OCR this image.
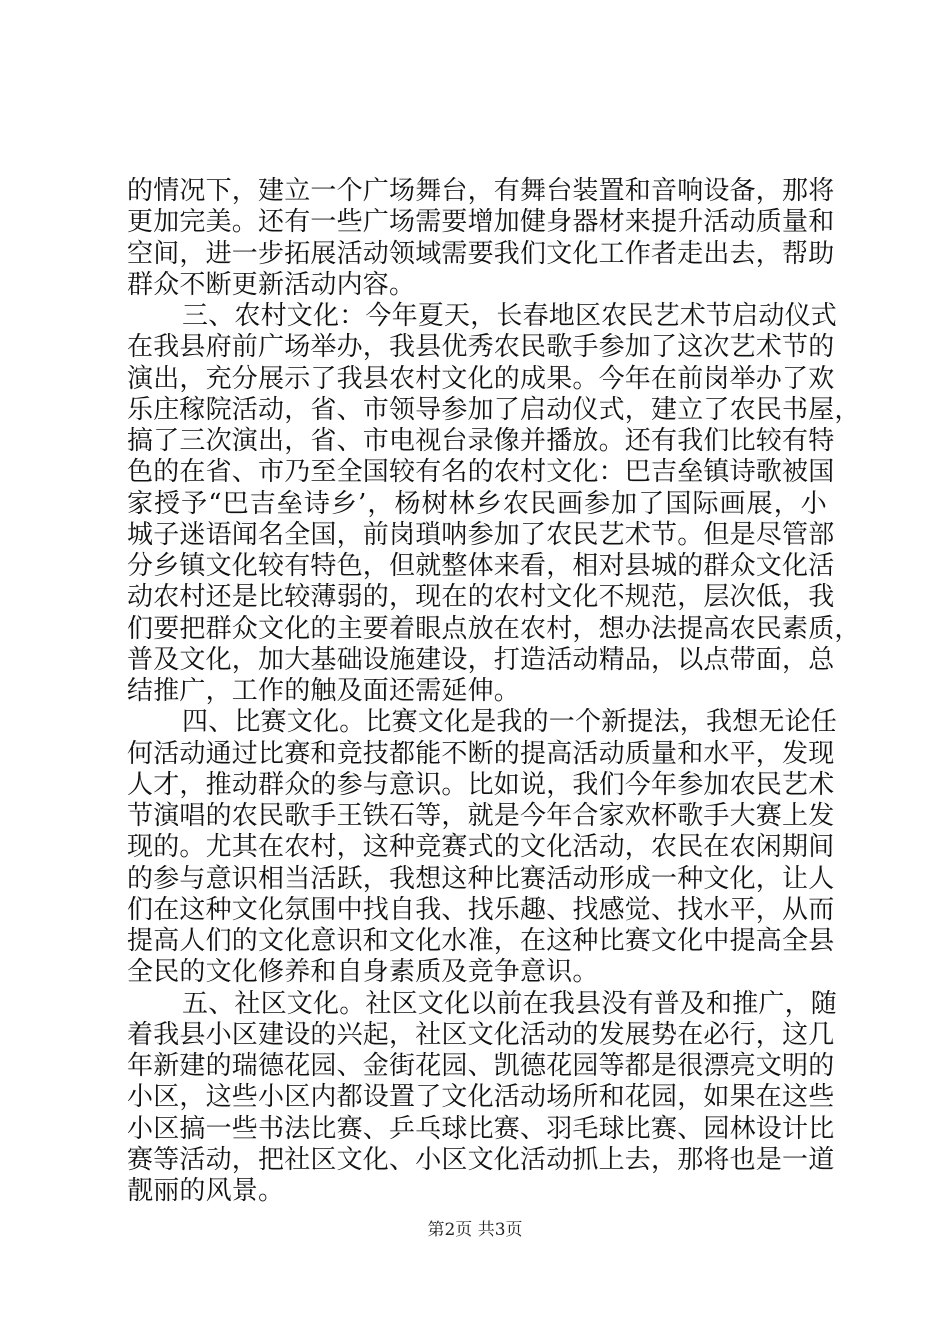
的情况下，建立一个广场舞台，有舞台装置和音响设备，那将
更加完美。还有一些广场需要增加健身器材来提升活动质量和
空间，进一步拓展活动领域需要我们文化工作者走出去，帮助
群众不断更新活动内容。
三、农村文化：今年夏天，长春地区农民艺术节启动仪式
在我县府前广场举办，我县优秀农民歌手参加了这次艺术节的
演出，充分展示了我县农村文化的成果。今年在前岗举办了欢
乐庄稼院活动，省、市领导参加了启动仪式，建立了农民书屋，
搞了三次演出，省、市电视台录像并播放。还有我们比较有特
色的在省、市乃至全国较有名的农村文化：巴吉垒镇诗歌被国
家授予“巴吉垒诗乡’，杨树林乡农民画参加了国际画展，小
城子迷语闻名全国，前岗瑣呐参加了农民艺术节。但是尽管部
分乡镇文化较有特色，但就整体来看，相对县城的群众文化活
动农村还是比较薄弱的，现在的农村文化不规范，层次低，我
们要把群众文化的主要着眼点放在农村，想办法提高农民素质，
普及文化，加大基础设施建设，打造活动精品，以点带面，总
结推广，工作的触及面还需延伸。
四、比赛文化。比赛文化是我的一个新提法，我想无论任
何活动通过比赛和竞技都能不断的提高活动质量和水平，发现
人才，推动群众的参与意识。比如说，我们今年参加农民艺术
节演唱的农民歌手王铁石等，就是今年合家欢杯歌手大赛上发
现的。尤其在农村，这种竞赛式的文化活动，农民在农闲期间
的参与意识相当活跃，我想这种比赛活动形成一种文化，让人
们在这种文化氛围中找自我、找乐趣、找感觉、找水平，从而
提高人们的文化意识和文化水准，在这种比赛文化中提高全县
全民的文化修养和自身素质及竞争意识。
五、社区文化。社区文化以前在我县没有普及和推广，随
着我县小区建设的兴起，社区文化活动的发展势在必行，这几
年新建的瑞德花园、金街花园、凯德花园等都是很漂亮文明的
小区，这些小区内都设置了文化活动场所和花园，如果在这些
小区搞一些书法比赛、乒乓球比赛、羽毛球比赛、园林设计比
赛等活动，把社区文化、小区文化活动抓上去，那将也是一道
靓丽的风景。
第2页 共3页
